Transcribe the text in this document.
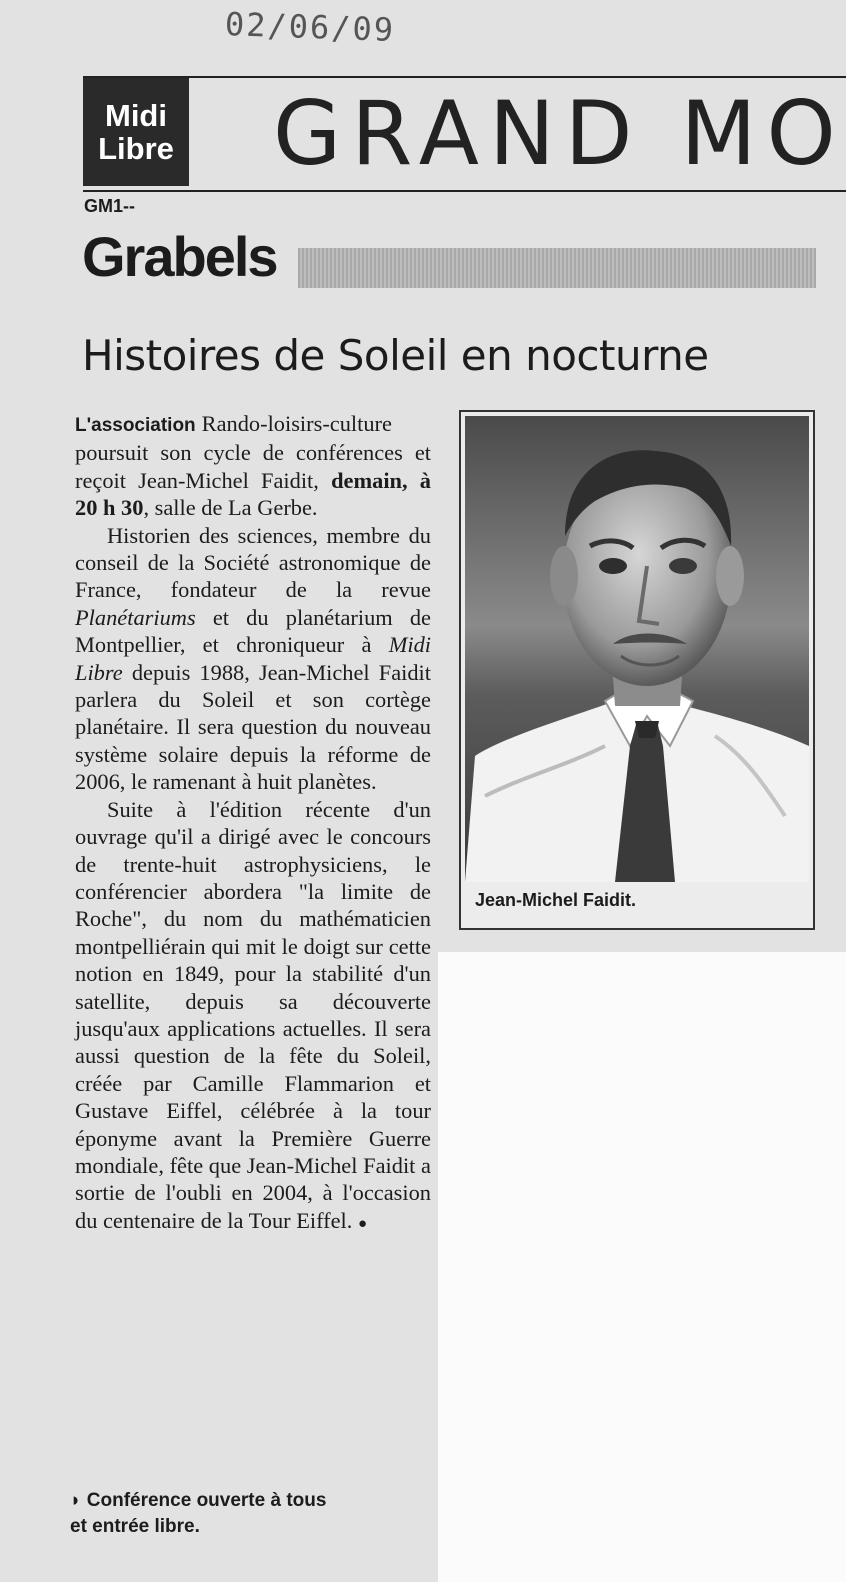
02/06/09
Midi
Libre GRAND MO
GM1--
Grabels
Histoires de Soleil en nocturne

L'association Rando-loisirs-culture poursuit son cycle de conférences et reçoit Jean-Michel Faidit, demain, à 20 h 30, salle de La Gerbe.

Historien des sciences, membre du conseil de la Société astronomique de France, fondateur de la revue Planétariums et du planétarium de Montpellier, et chroniqueur à Midi Libre depuis 1988, Jean-Michel Faidit parlera du Soleil et son cortège planétaire. Il sera question du nouveau système solaire depuis la réforme de 2006, le ramenant à huit planètes.

Suite à l'édition récente d'un ouvrage qu'il a dirigé avec le concours de trente-huit astrophysiciens, le conférencier abordera "la limite de Roche", du nom du mathématicien montpelliérain qui mit le doigt sur cette notion en 1849, pour la stabilité d'un satellite, depuis sa découverte jusqu'aux applications actuelles. Il sera aussi question de la fête du Soleil, créée par Camille Flammarion et Gustave Eiffel, célébrée à la tour éponyme avant la Première Guerre mondiale, fête que Jean-Michel Faidit a sortie de l'oubli en 2004, à l'occasion du centenaire de la Tour Eiffel. ●

◗ Conférence ouverte à tous
et entrée libre.
Jean-Michel Faidit.
